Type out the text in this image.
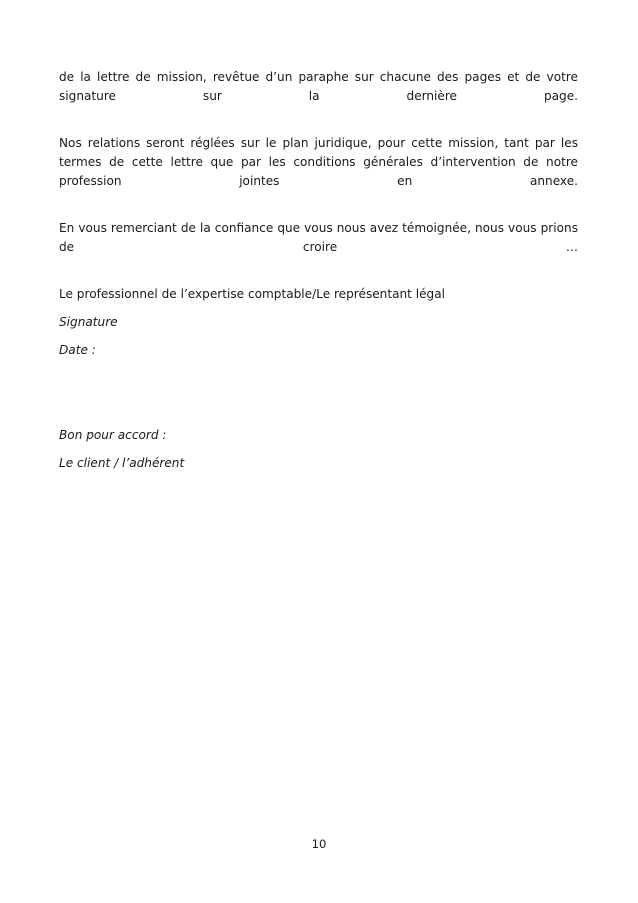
de la lettre de mission, revêtue d’un paraphe sur chacune des pages et de votre signature sur la dernière page.

Nos relations seront réglées sur le plan juridique, pour cette mission, tant par les termes de cette lettre que par les conditions générales d’intervention de notre profession jointes en annexe.

En vous remerciant de la confiance que vous nous avez témoignée, nous vous prions de croire …

Le professionnel de l’expertise comptable/Le représentant légal

Signature

Date :

Bon pour accord :

Le client / l’adhérent

10
